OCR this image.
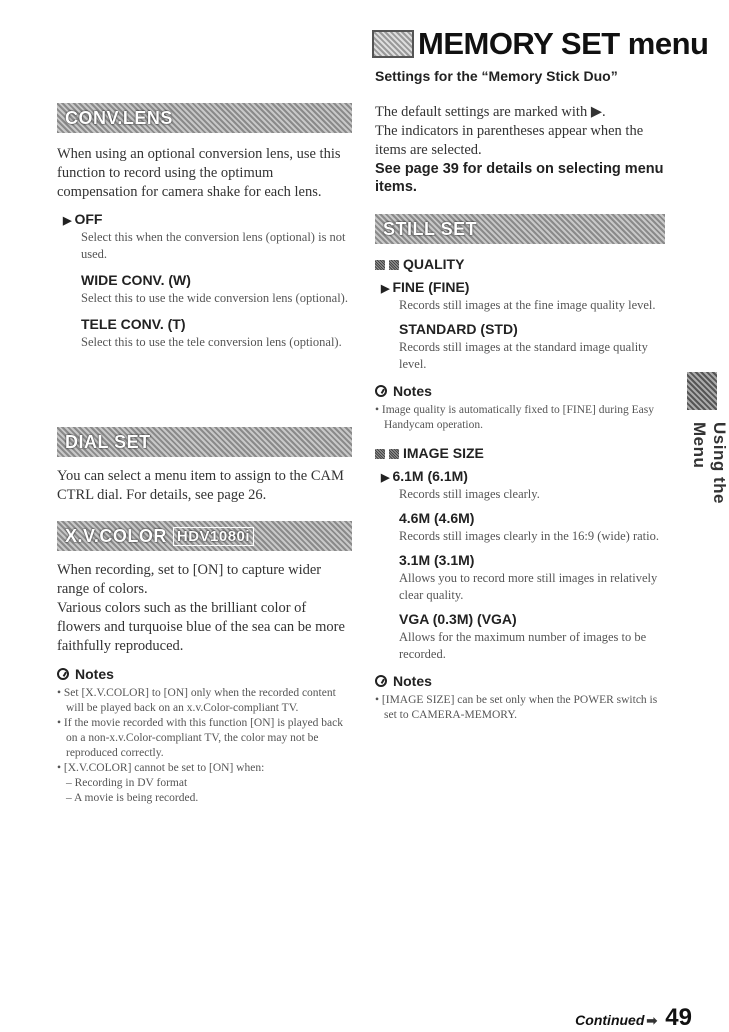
MEMORY SET menu
Settings for the “Memory Stick Duo”
CONV.LENS

When using an optional conversion lens, use this function to record using the optimum compensation for camera shake for each lens.

▶ OFF

Select this when the conversion lens (optional) is not used.

WIDE CONV. (W)

Select this to use the wide conversion lens (optional).

TELE CONV. (T)

Select this to use the tele conversion lens (optional).

DIAL SET

You can select a menu item to assign to the CAM CTRL dial. For details, see page 26.

X.V.COLOR HDV1080i

When recording, set to [ON] to capture wider range of colors.

Various colors such as the brilliant color of flowers and turquoise blue of the sea can be more faithfully reproduced.

Notes

• Set [X.V.COLOR] to [ON] only when the recorded content will be played back on an x.v.Color-compliant TV.

• If the movie recorded with this function [ON] is played back on a non-x.v.Color-compliant TV, the color may not be reproduced correctly.

• [X.V.COLOR] cannot be set to [ON] when:

– Recording in DV format

– A movie is being recorded.

The default settings are marked with ▶.

The indicators in parentheses appear when the items are selected.

See page 39 for details on selecting menu items.

STILL SET

QUALITY

▶ FINE (FINE)

Records still images at the fine image quality level.

STANDARD (STD)

Records still images at the standard image quality level.

Notes

• Image quality is automatically fixed to [FINE] during Easy Handycam operation.

IMAGE SIZE

▶ 6.1M (6.1M)

Records still images clearly.

4.6M (4.6M)

Records still images clearly in the 16:9 (wide) ratio.

3.1M (3.1M)

Allows you to record more still images in relatively clear quality.

VGA (0.3M) (VGA)

Allows for the maximum number of images to be recorded.

Notes

• [IMAGE SIZE] can be set only when the POWER switch is set to CAMERA-MEMORY.

Using the Menu
Continued ➡ 49
